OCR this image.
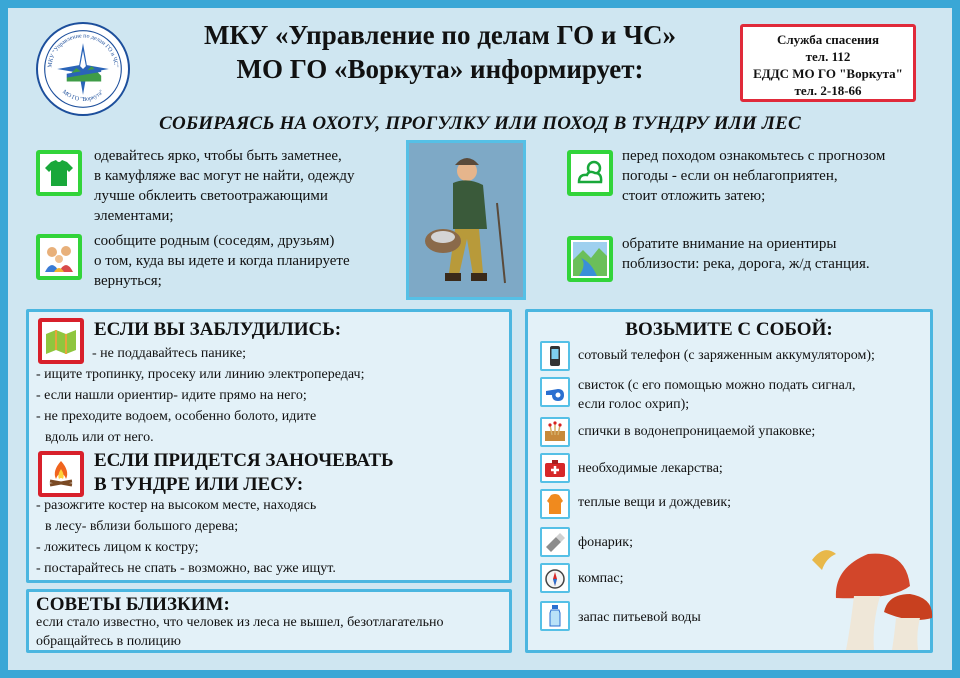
МКУ "Управление по делам ГО и ЧС"
МО ГО "Воркута"
МКУ «Управление по делам ГО и ЧС»
МО ГО «Воркута» информирует:
Служба спасения
тел. 112
ЕДДС МО ГО "Воркута"
тел. 2-18-66
СОБИРАЯСЬ НА ОХОТУ, ПРОГУЛКУ ИЛИ ПОХОД В ТУНДРУ ИЛИ ЛЕС
одевайтесь ярко, чтобы быть заметнее,
в камуфляже вас могут не найти, одежду
лучше обклеить светоотражающими
элементами;
сообщите родным (соседям, друзьям)
о том, куда вы идете и когда планируете
вернуться;
перед походом ознакомьтесь с прогнозом
погоды - если он неблагоприятен,
стоит отложить затею;
обратите внимание на ориентиры
поблизости: река, дорога, ж/д станция.
ЕСЛИ ВЫ ЗАБЛУДИЛИСЬ:
- не поддавайтесь панике;
- ищите тропинку, просеку или линию электропередач;
- если нашли ориентир- идите прямо на него;
- не преходите водоем, особенно болото, идите
вдоль или от него.
ЕСЛИ ПРИДЕТСЯ ЗАНОЧЕВАТЬ
В ТУНДРЕ ИЛИ ЛЕСУ:
- разожгите костер на высоком месте, находясь
в лесу- вблизи большого дерева;
- ложитесь лицом к костру;
- постарайтесь не спать - возможно, вас уже ищут.
СОВЕТЫ БЛИЗКИМ:
если стало известно, что человек из леса не вышел, безотлагательно
обращайтесь в полицию
ВОЗЬМИТЕ С СОБОЙ:
сотовый телефон (с заряженным аккумулятором);
свисток (с его помощью можно подать сигнал,
если голос охрип);
спички в водонепроницаемой упаковке;
необходимые лекарства;
теплые вещи и дождевик;
фонарик;
компас;
запас питьевой воды
